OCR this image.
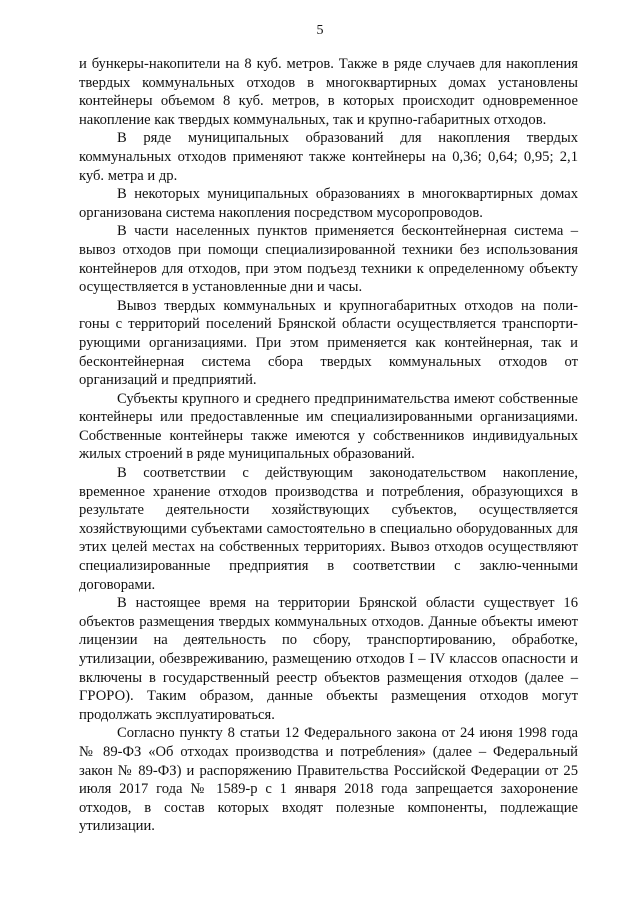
5

и бункеры-накопители на 8 куб. метров. Также в ряде случаев для накопления твердых коммунальных отходов в многоквартирных домах установлены контейнеры объемом 8 куб. метров, в которых происходит одновременное накопление как твердых коммунальных, так и крупно-габаритных отходов.

В ряде муниципальных образований для накопления твердых коммунальных отходов применяют также контейнеры на 0,36; 0,64; 0,95; 2,1 куб. метра и др.

В некоторых муниципальных образованиях в многоквартирных домах организована система накопления посредством мусоропроводов.

В части населенных пунктов применяется бесконтейнерная система – вывоз отходов при помощи специализированной техники без использования контейнеров для отходов, при этом подъезд техники к определенному объекту осуществляется в установленные дни и часы.

Вывоз твердых коммунальных и крупногабаритных отходов на поли-гоны с территорий поселений Брянской области осуществляется транспорти-рующими организациями. При этом применяется как контейнерная, так и бесконтейнерная система сбора твердых коммунальных отходов от организаций и предприятий.

Субъекты крупного и среднего предпринимательства имеют собственные контейнеры или предоставленные им специализированными организациями. Собственные контейнеры также имеются у собственников индивидуальных жилых строений в ряде муниципальных образований.

В соответствии с действующим законодательством накопление, временное хранение отходов производства и потребления, образующихся в результате деятельности хозяйствующих субъектов, осуществляется хозяйствующими субъектами самостоятельно в специально оборудованных для этих целей местах на собственных территориях. Вывоз отходов осуществляют специализированные предприятия в соответствии с заклю-ченными договорами.

В настоящее время на территории Брянской области существует 16 объектов размещения твердых коммунальных отходов. Данные объекты имеют лицензии на деятельность по сбору, транспортированию, обработке, утилизации, обезвреживанию, размещению отходов I – IV классов опасности и включены в государственный реестр объектов размещения отходов (далее – ГРОРО). Таким образом, данные объекты размещения отходов могут продолжать эксплуатироваться.

Согласно пункту 8 статьи 12 Федерального закона от 24 июня 1998 года № 89-ФЗ «Об отходах производства и потребления» (далее – Федеральный закон № 89-ФЗ) и распоряжению Правительства Российской Федерации от 25 июля 2017 года № 1589-р с 1 января 2018 года запрещается захоронение отходов, в состав которых входят полезные компоненты, подлежащие утилизации.
